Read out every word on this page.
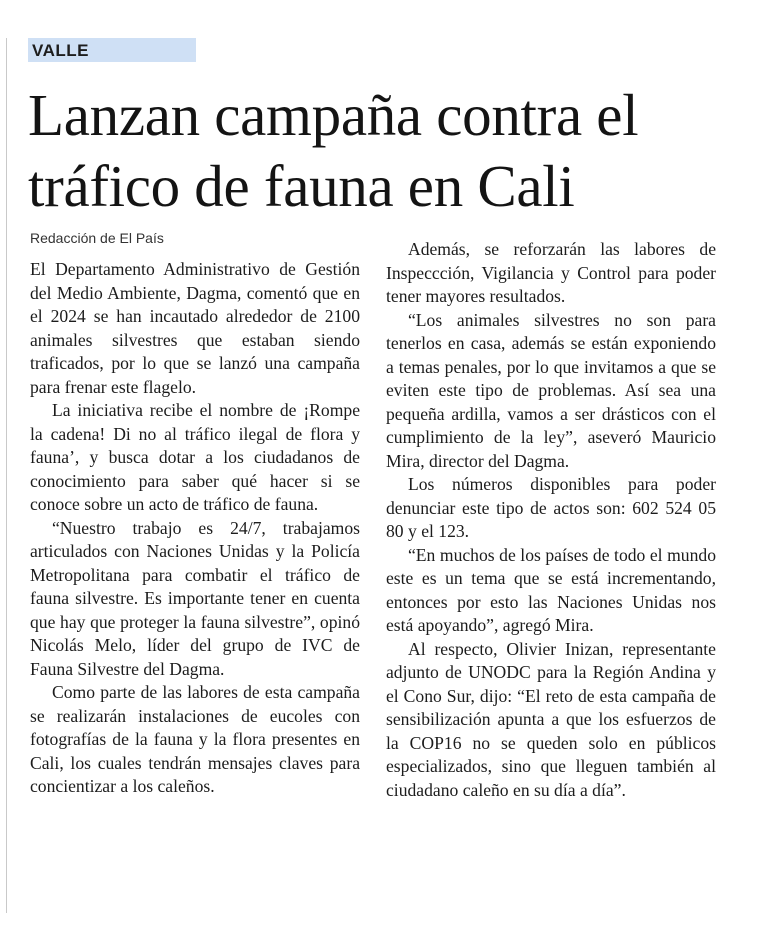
VALLE
Lanzan campaña contra el tráfico de fauna en Cali
Redacción de El País

El Departamento Administrativo de Gestión del Medio Ambiente, Dagma, comentó que en el 2024 se han incautado alrededor de 2100 animales silvestres que estaban siendo traficados, por lo que se lanzó una campaña para frenar este flagelo.

La iniciativa recibe el nombre de ¡Rompe la cadena! Di no al tráfico ilegal de flora y fauna’, y busca dotar a los ciudadanos de conocimiento para saber qué hacer si se conoce sobre un acto de tráfico de fauna.

“Nuestro trabajo es 24/7, trabajamos articulados con Naciones Unidas y la Policía Metropolitana para combatir el tráfico de fauna silvestre. Es importante tener en cuenta que hay que proteger la fauna silvestre”, opinó Nicolás Melo, líder del grupo de IVC de Fauna Silvestre del Dagma.

Como parte de las labores de esta campaña se realizarán instalaciones de eucoles con fotografías de la fauna y la flora presentes en Cali, los cuales tendrán mensajes claves para concientizar a los caleños.

Además, se reforzarán las labores de Inspeccción, Vigilancia y Control para poder tener mayores resultados.

“Los animales silvestres no son para tenerlos en casa, además se están exponiendo a temas penales, por lo que invitamos a que se eviten este tipo de problemas. Así sea una pequeña ardilla, vamos a ser drásticos con el cumplimiento de la ley”, aseveró Mauricio Mira, director del Dagma.

Los números disponibles para poder denunciar este tipo de actos son: 602 524 05 80 y el 123.

“En muchos de los países de todo el mundo este es un tema que se está incrementando, entonces por esto las Naciones Unidas nos está apoyando”, agregó Mira.

Al respecto, Olivier Inizan, representante adjunto de UNODC para la Región Andina y el Cono Sur, dijo: “El reto de esta campaña de sensibilización apunta a que los esfuerzos de la COP16 no se queden solo en públicos especializados, sino que lleguen también al ciudadano caleño en su día a día”.
